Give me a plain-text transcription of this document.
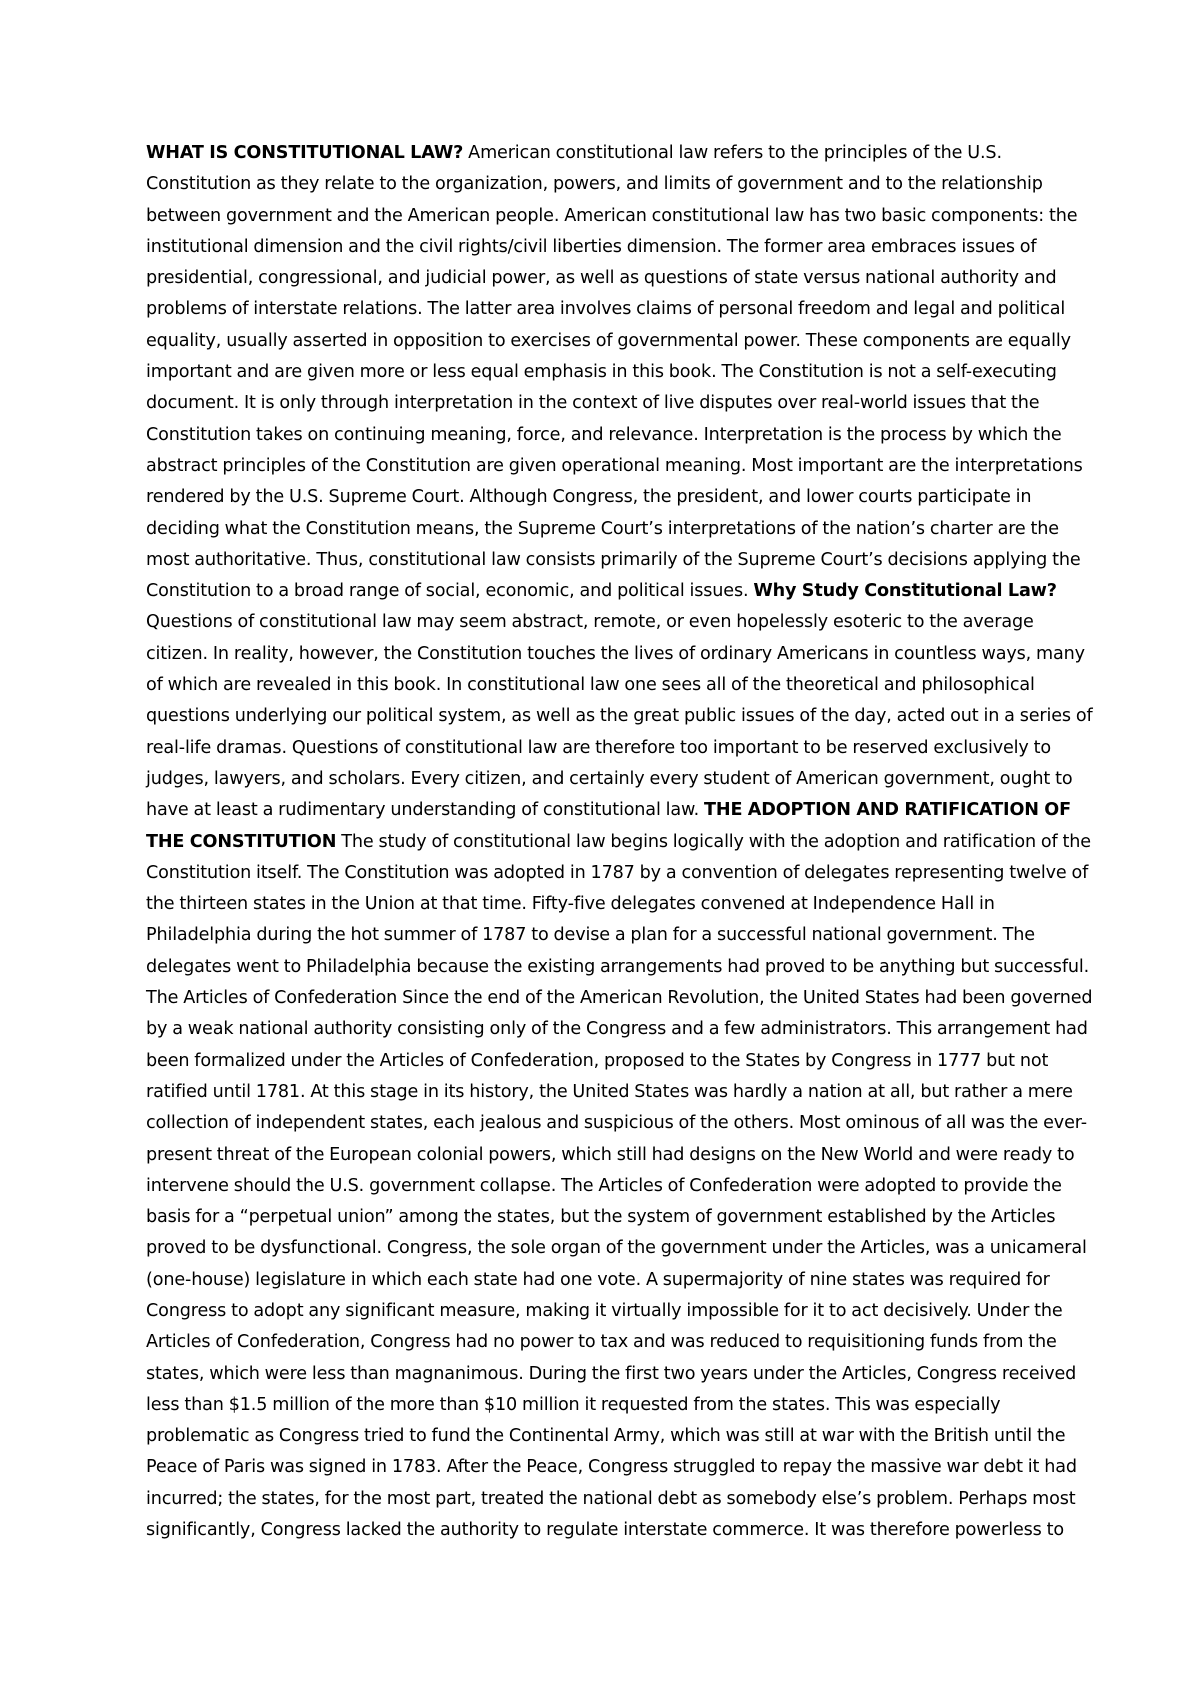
WHAT IS CONSTITUTIONAL LAW? American constitutional law refers to the principles of the U.S. Constitution as they relate to the organization, powers, and limits of government and to the relationship between government and the American people. American constitutional law has two basic components: the institutional dimension and the civil rights/civil liberties dimension. The former area embraces issues of presidential, congressional, and judicial power, as well as questions of state versus national authority and problems of interstate relations. The latter area involves claims of personal freedom and legal and political equality, usually asserted in opposition to exercises of governmental power. These components are equally important and are given more or less equal emphasis in this book. The Constitution is not a self-executing document. It is only through interpretation in the context of live disputes over real-world issues that the Constitution takes on continuing meaning, force, and relevance. Interpretation is the process by which the abstract principles of the Constitution are given operational meaning. Most important are the interpretations rendered by the U.S. Supreme Court. Although Congress, the president, and lower courts participate in deciding what the Constitution means, the Supreme Court’s interpretations of the nation’s charter are the most authoritative. Thus, constitutional law consists primarily of the Supreme Court’s decisions applying the Constitution to a broad range of social, economic, and political issues. Why Study Constitutional Law? Questions of constitutional law may seem abstract, remote, or even hopelessly esoteric to the average citizen. In reality, however, the Constitution touches the lives of ordinary Americans in countless ways, many of which are revealed in this book. In constitutional law one sees all of the theoretical and philosophical questions underlying our political system, as well as the great public issues of the day, acted out in a series of real-life dramas. Questions of constitutional law are therefore too important to be reserved exclusively to judges, lawyers, and scholars. Every citizen, and certainly every student of American government, ought to have at least a rudimentary understanding of constitutional law. THE ADOPTION AND RATIFICATION OF THE CONSTITUTION The study of constitutional law begins logically with the adoption and ratification of the Constitution itself. The Constitution was adopted in 1787 by a convention of delegates representing twelve of the thirteen states in the Union at that time. Fifty-five delegates convened at Independence Hall in Philadelphia during the hot summer of 1787 to devise a plan for a successful national government. The delegates went to Philadelphia because the existing arrangements had proved to be anything but successful. The Articles of Confederation Since the end of the American Revolution, the United States had been governed by a weak national authority consisting only of the Congress and a few administrators. This arrangement had been formalized under the Articles of Confederation, proposed to the States by Congress in 1777 but not ratified until 1781. At this stage in its history, the United States was hardly a nation at all, but rather a mere collection of independent states, each jealous and suspicious of the others. Most ominous of all was the ever-present threat of the European colonial powers, which still had designs on the New World and were ready to intervene should the U.S. government collapse. The Articles of Confederation were adopted to provide the basis for a “perpetual union” among the states, but the system of government established by the Articles proved to be dysfunctional. Congress, the sole organ of the government under the Articles, was a unicameral (one-house) legislature in which each state had one vote. A supermajority of nine states was required for Congress to adopt any significant measure, making it virtually impossible for it to act decisively. Under the Articles of Confederation, Congress had no power to tax and was reduced to requisitioning funds from the states, which were less than magnanimous. During the first two years under the Articles, Congress received less than $1.5 million of the more than $10 million it requested from the states. This was especially problematic as Congress tried to fund the Continental Army, which was still at war with the British until the Peace of Paris was signed in 1783. After the Peace, Congress struggled to repay the massive war debt it had incurred; the states, for the most part, treated the national debt as somebody else’s problem. Perhaps most significantly, Congress lacked the authority to regulate interstate commerce. It was therefore powerless to
